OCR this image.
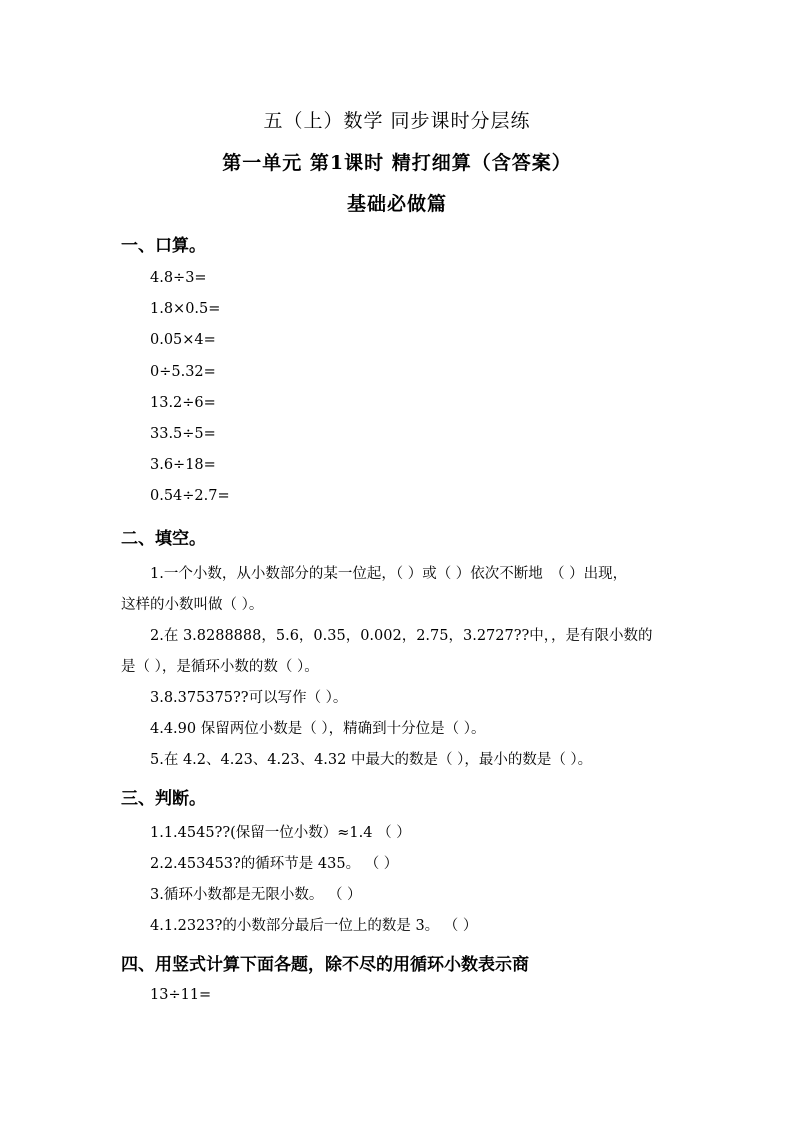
五（上）数学 同步课时分层练
第一单元 第1课时 精打细算（含答案）
基础必做篇
一、口算。
4.8÷3=
1.8×0.5=
0.05×4=
0÷5.32=
13.2÷6=
33.5÷5=
3.6÷18=
0.54÷2.7=
二、填空。
1.一个小数，从小数部分的某一位起，（ ）或（ ）依次不断地　（ ）出现，
这样的小数叫做（ ）。
2.在 3.8288888，5.6，0.35，0.002，2.75，3.2727??中，，是有限小数的
是（ ），是循环小数的数（ ）。
3.8.375375??可以写作（ ）。
4.4.90 保留两位小数是（ ），精确到十分位是（ ）。
5.在 4.2、4.23、4.23、4.32 中最大的数是（ ），最小的数是（ ）。
三、判断。
1.1.4545??(保留一位小数）≈1.4 （ ）
2.2.453453?的循环节是 435。 （ ）
3.循环小数都是无限小数。 （ ）
4.1.2323?的小数部分最后一位上的数是 3。 （ ）
四、用竖式计算下面各题，除不尽的用循环小数表示商
13÷11=
